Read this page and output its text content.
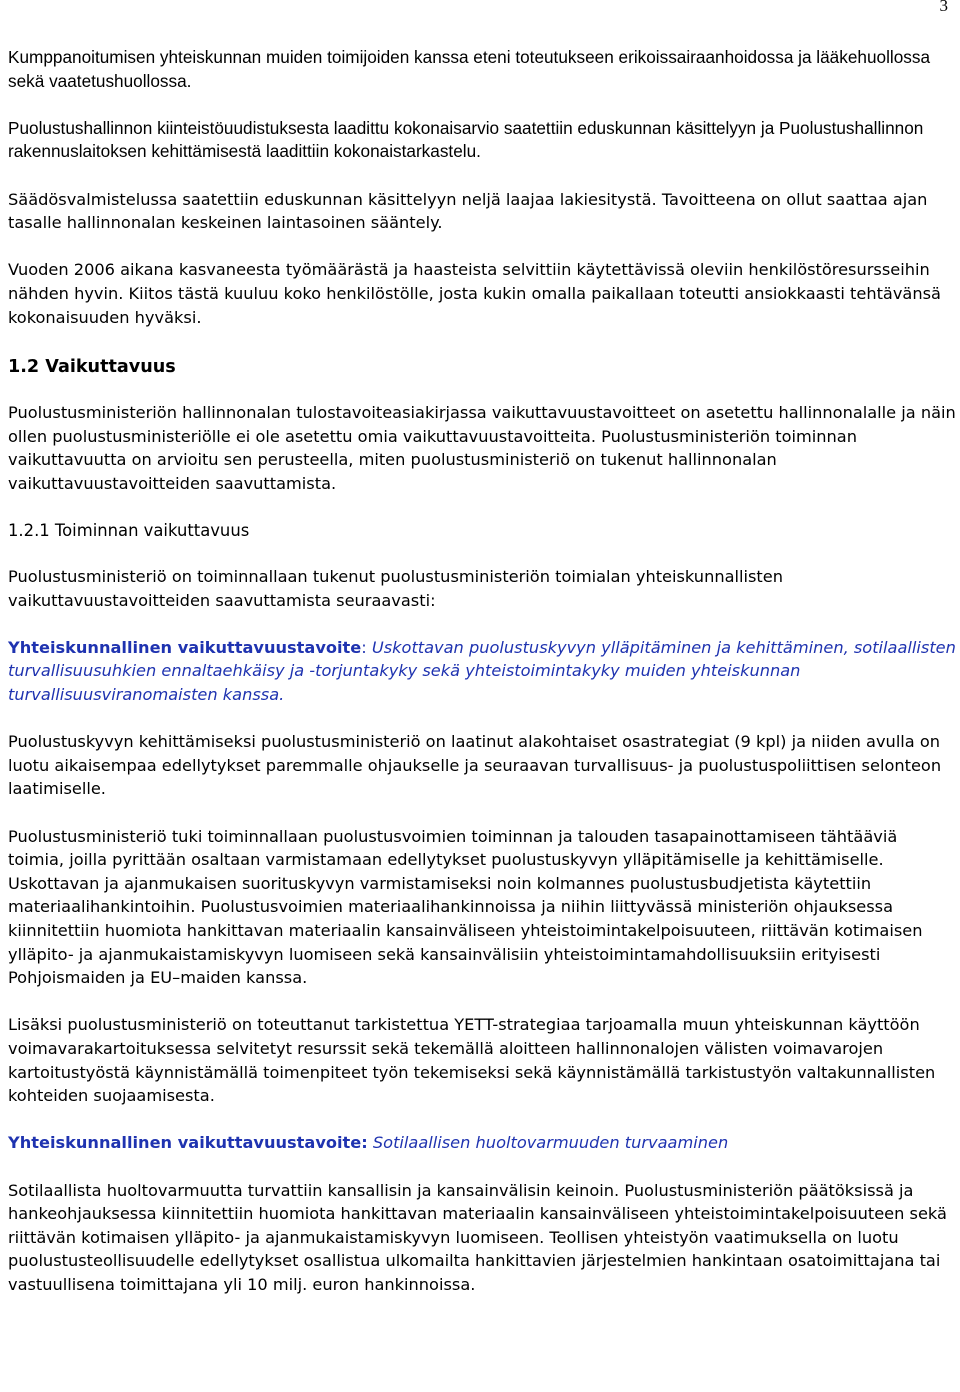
3

Kumppanoitumisen yhteiskunnan muiden toimijoiden kanssa eteni toteutukseen erikoissairaanhoidossa ja lääkehuollossa sekä vaatetushuollossa.

Puolustushallinnon kiinteistöuudistuksesta laadittu kokonaisarvio saatettiin eduskunnan käsittelyyn ja Puolustushallinnon rakennuslaitoksen kehittämisestä laadittiin kokonaistarkastelu.

Säädösvalmistelussa saatettiin eduskunnan käsittelyyn neljä laajaa lakiesitystä. Tavoitteena on ollut saattaa ajan tasalle hallinnonalan keskeinen laintasoinen sääntely.

Vuoden 2006 aikana kasvaneesta työmäärästä ja haasteista selvittiin käytettävissä oleviin henkilöstöresursseihin nähden hyvin. Kiitos tästä kuuluu koko henkilöstölle, josta kukin omalla paikallaan toteutti ansiokkaasti tehtävänsä kokonaisuuden hyväksi.

1.2 Vaikuttavuus

Puolustusministeriön hallinnonalan tulostavoiteasiakirjassa vaikuttavuustavoitteet on asetettu hallinnonalalle ja näin ollen puolustusministeriölle ei ole asetettu omia vaikuttavuustavoitteita. Puolustusministeriön toiminnan vaikuttavuutta on arvioitu sen perusteella, miten puolustusministeriö on tukenut hallinnonalan vaikuttavuustavoitteiden saavuttamista.

1.2.1 Toiminnan vaikuttavuus

Puolustusministeriö on toiminnallaan tukenut puolustusministeriön toimialan yhteiskunnallisten vaikuttavuustavoitteiden saavuttamista seuraavasti:

Yhteiskunnallinen vaikuttavuustavoite: Uskottavan puolustuskyvyn ylläpitäminen ja kehittäminen, sotilaallisten turvallisuusuhkien ennaltaehkäisy ja -torjuntakyky sekä yhteistoimintakyky muiden yhteiskunnan turvallisuusviranomaisten kanssa.

Puolustuskyvyn kehittämiseksi puolustusministeriö on laatinut alakohtaiset osastrategiat (9 kpl) ja niiden avulla on luotu aikaisempaa edellytykset paremmalle ohjaukselle ja seuraavan turvallisuus- ja puolustuspoliittisen selonteon laatimiselle.

Puolustusministeriö tuki toiminnallaan puolustusvoimien toiminnan ja talouden tasapainottamiseen tähtääviä toimia, joilla pyrittään osaltaan varmistamaan edellytykset puolustuskyvyn ylläpitämiselle ja kehittämiselle. Uskottavan ja ajanmukaisen suorituskyvyn varmistamiseksi noin kolmannes puolustusbudjetista käytettiin materiaalihankintoihin. Puolustusvoimien materiaalihankinnoissa ja niihin liittyvässä ministeriön ohjauksessa kiinnitettiin huomiota hankittavan materiaalin kansainväliseen yhteistoimintakelpoisuuteen, riittävän kotimaisen ylläpito- ja ajanmukaistamiskyvyn luomiseen sekä kansainvälisiin yhteistoimintamahdollisuuksiin erityisesti Pohjoismaiden ja EU–maiden kanssa.

Lisäksi puolustusministeriö on toteuttanut tarkistettua YETT-strategiaa tarjoamalla muun yhteiskunnan käyttöön voimavarakartoituksessa selvitetyt resurssit sekä tekemällä aloitteen hallinnonalojen välisten voimavarojen kartoitustyöstä käynnistämällä toimenpiteet työn tekemiseksi sekä käynnistämällä tarkistustyön valtakunnallisten kohteiden suojaamisesta.

Yhteiskunnallinen vaikuttavuustavoite: Sotilaallisen huoltovarmuuden turvaaminen

Sotilaallista huoltovarmuutta turvattiin kansallisin ja kansainvälisin keinoin. Puolustusministeriön päätöksissä ja hankeohjauksessa kiinnitettiin huomiota hankittavan materiaalin kansainväliseen yhteistoimintakelpoisuuteen sekä riittävän kotimaisen ylläpito- ja ajanmukaistamiskyvyn luomiseen. Teollisen yhteistyön vaatimuksella on luotu puolustusteollisuudelle edellytykset osallistua ulkomailta hankittavien järjestelmien hankintaan osatoimittajana tai vastuullisena toimittajana yli 10 milj. euron hankinnoissa.
